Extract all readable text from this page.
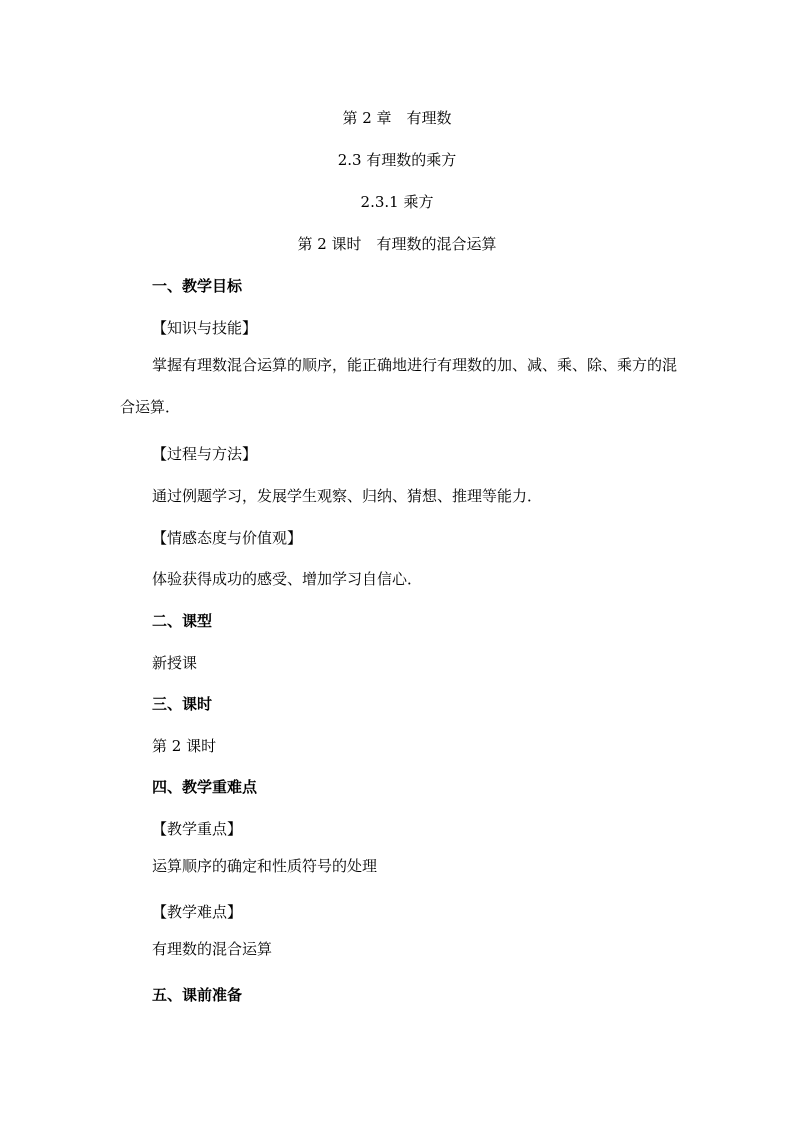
第 2 章　有理数
2.3 有理数的乘方
2.3.1 乘方
第 2 课时　有理数的混合运算
一、教学目标
【知识与技能】
掌握有理数混合运算的顺序，能正确地进行有理数的加、减、乘、除、乘方的混合运算．
【过程与方法】
通过例题学习，发展学生观察、归纳、猜想、推理等能力．
【情感态度与价值观】
体验获得成功的感受、增加学习自信心．
二、课型
新授课
三、课时
第 2 课时
四、教学重难点
【教学重点】
运算顺序的确定和性质符号的处理
【教学难点】
有理数的混合运算
五、课前准备
